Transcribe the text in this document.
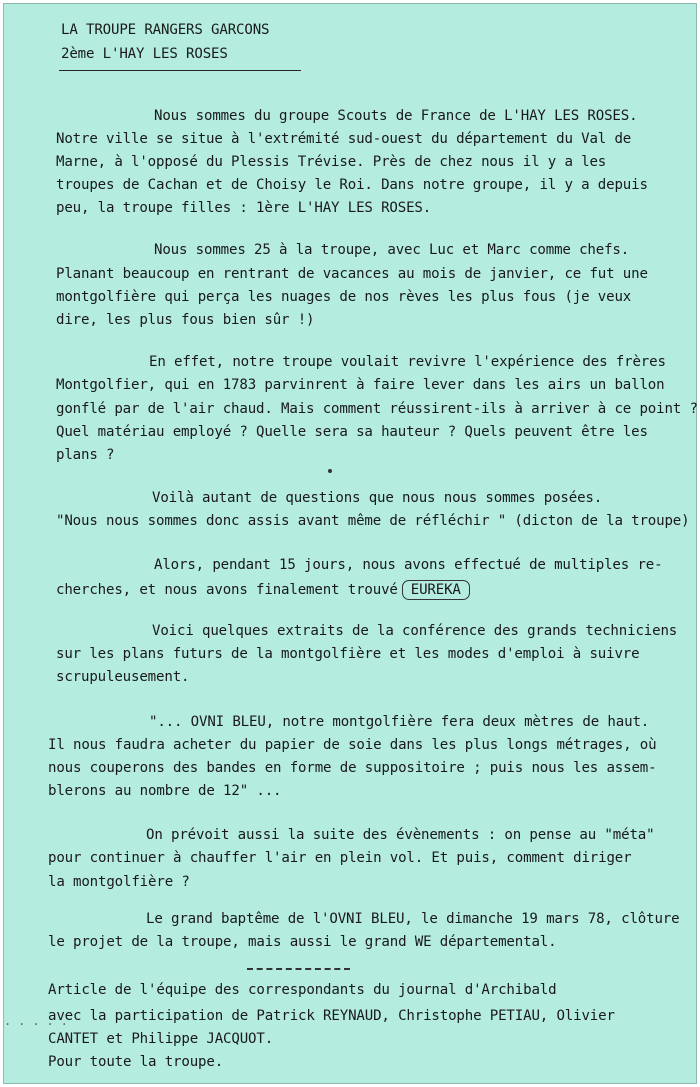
LA TROUPE RANGERS GARCONS
2ème L'HAY LES ROSES
Nous sommes du groupe Scouts de France de L'HAY LES ROSES.
Notre ville se situe à l'extrémité sud-ouest du département du Val de
Marne, à l'opposé du Plessis Trévise. Près de chez nous il y a les
troupes de Cachan et de Choisy le Roi. Dans notre groupe, il y a depuis
peu, la troupe filles : 1ère L'HAY LES ROSES.
Nous sommes 25 à la troupe, avec Luc et Marc comme chefs.
Planant beaucoup en rentrant de vacances au mois de janvier, ce fut une
montgolfière qui perça les nuages de nos rèves les plus fous (je veux
dire, les plus fous bien sûr !)
En effet, notre troupe voulait revivre l'expérience des frères
Montgolfier, qui en 1783 parvinrent à faire lever dans les airs un ballon
gonflé par de l'air chaud. Mais comment réussirent-ils à arriver à ce point ?
Quel matériau employé ? Quelle sera sa hauteur ? Quels peuvent être les
plans ?
Voilà autant de questions que nous nous sommes posées.
"Nous nous sommes donc assis avant même de réfléchir " (dicton de la troupe)
Alors, pendant 15 jours, nous avons effectué de multiples re-
cherches, et nous avons finalement trouvé EUREKA
Voici quelques extraits de la conférence des grands techniciens
sur les plans futurs de la montgolfière et les modes d'emploi à suivre
scrupuleusement.
"... OVNI BLEU, notre montgolfière fera deux mètres de haut.
Il nous faudra acheter du papier de soie dans les plus longs métrages, où
nous couperons des bandes en forme de suppositoire ; puis nous les assem-
blerons au nombre de 12" ...
On prévoit aussi la suite des évènements : on pense au "méta"
pour continuer à chauffer l'air en plein vol. Et puis, comment diriger
la montgolfière ?
Le grand baptême de l'OVNI BLEU, le dimanche 19 mars 78, clôture
le projet de la troupe, mais aussi le grand WE départemental.
Article de l'équipe des correspondants du journal d'Archibald
avec la participation de Patrick REYNAUD, Christophe PETIAU, Olivier
CANTET et Philippe JACQUOT.
Pour toute la troupe.
. . . . .
